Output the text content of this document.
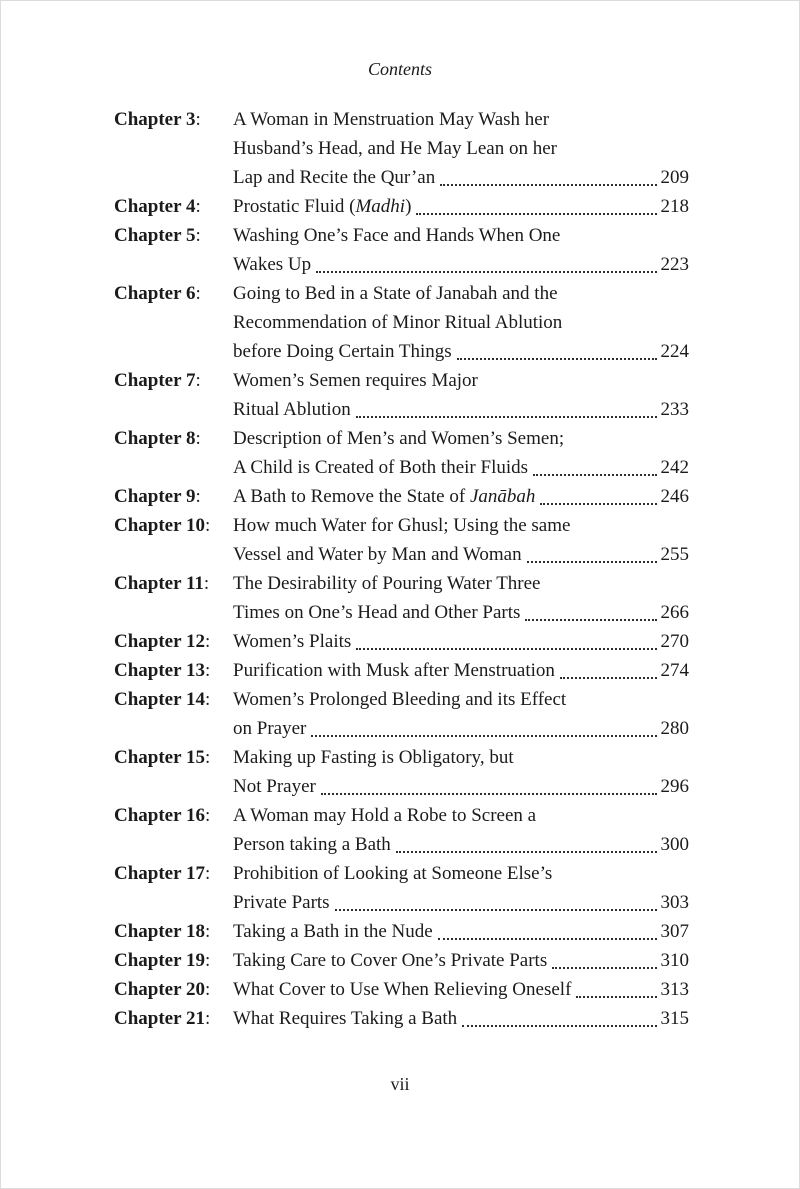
Contents
Chapter 3:	A Woman in Menstruation May Wash her
Husband’s Head, and He May Lean on her
Lap and Recite the Qur’an	209
Chapter 4:	Prostatic Fluid (Madhi)	218
Chapter 5:	Washing One’s Face and Hands When One
Wakes Up	223
Chapter 6:	Going to Bed in a State of Janabah and the
Recommendation of Minor Ritual Ablution
before Doing Certain Things	224
Chapter 7:	Women’s Semen requires Major
Ritual Ablution	233
Chapter 8:	Description of Men’s and Women’s Semen;
A Child is Created of Both their Fluids	242
Chapter 9:	A Bath to Remove the State of Janābah	246
Chapter 10:	How much Water for Ghusl; Using the same
Vessel and Water by Man and Woman	255
Chapter 11:	The Desirability of Pouring Water Three
Times on One’s Head and Other Parts	266
Chapter 12:	Women’s Plaits	270
Chapter 13:	Purification with Musk after Menstruation	274
Chapter 14:	Women’s Prolonged Bleeding and its Effect
on Prayer	280
Chapter 15:	Making up Fasting is Obligatory, but
Not Prayer	296
Chapter 16:	A Woman may Hold a Robe to Screen a
Person taking a Bath	300
Chapter 17:	Prohibition of Looking at Someone Else’s
Private Parts	303
Chapter 18:	Taking a Bath in the Nude	307
Chapter 19:	Taking Care to Cover One’s Private Parts	310
Chapter 20:	What Cover to Use When Relieving Oneself	313
Chapter 21:	What Requires Taking a Bath	315
vii
